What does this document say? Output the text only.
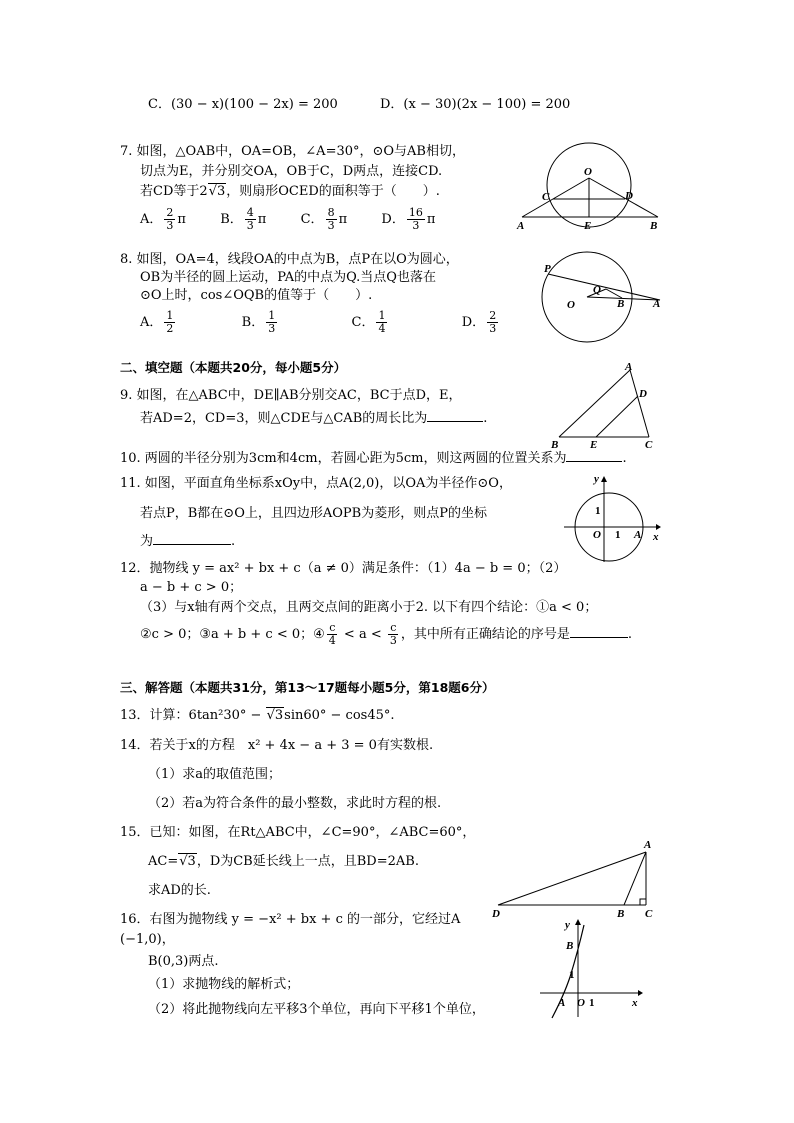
C．(30 − x)(100 − 2x) = 200	D．(x − 30)(2x − 100) = 200
7. 如图，△OAB中，OA=OB，∠A=30°，⊙O与AB相切，
切点为E，并分别交OA，OB于C，D两点，连接CD.
若CD等于2√3，则扇形OCED的面积等于（　　）.
A． $\frac{2}{3}$ π	B． $\frac{4}{3}$ π	C． $\frac{8}{3}$ π	D． $\frac{16}{3}$ π
O
C	D
A	E	B
8. 如图，OA=4，线段OA的中点为B，点P在以O为圆心，
OB为半径的圆上运动，PA的中点为Q.当点Q也落在
⊙O上时，cos∠OQB的值等于（　　）.
A． $\frac{1}{2}$	B． $\frac{1}{3}$	C． $\frac{1}{4}$	D． $\frac{2}{3}$
P
Q
O	B	A
二、填空题（本题共20分，每小题5分）
9. 如图，在△ABC中，DE∥AB分别交AC，BC于点D，E，
若AD=2，CD=3，则△CDE与△CAB的周长比为	.
A
D
B	E	C
10. 两圆的半径分别为3cm和4cm，若圆心距为5cm，则这两圆的位置关系为	.
11. 如图，平面直角坐标系xOy中，点A(2,0)，以OA为半径作⊙O，
若点P，B都在⊙O上，且四边形AOPB为菱形，则点P的坐标
为	.
y
x
O 1
1
A
12．抛物线 y = ax² + bx + c（a ≠ 0）满足条件：（1）4a − b = 0；（2）
a − b + c > 0；
（3）与x轴有两个交点，且两交点间的距离小于2. 以下有四个结论：①a < 0；
②c > 0；③a + b + c < 0；④ $\frac{c}{4} < a < \frac{c}{3}$ ，其中所有正确结论的序号是	.
三、解答题（本题共31分，第13～17题每小题5分，第18题6分）
13．计算：6tan²30° − √3sin60° − cos45°.
14．若关于x的方程　x² + 4x − a + 3 = 0有实数根.
（1）求a的取值范围；
（2）若a为符合条件的最小整数，求此时方程的根.
15．已知：如图，在Rt△ABC中，∠C=90°，∠ABC=60°，
AC=√3，D为CB延长线上一点，且BD=2AB.
求AD的长.
A
D	B C
16．右图为抛物线 y = −x² + bx + c 的一部分，它经过A
(−1,0)，
B(0,3)两点.
（1）求抛物线的解析式；
（2）将此抛物线向左平移3个单位，再向下平移1个单位，
y
B
1
A O 1	x
